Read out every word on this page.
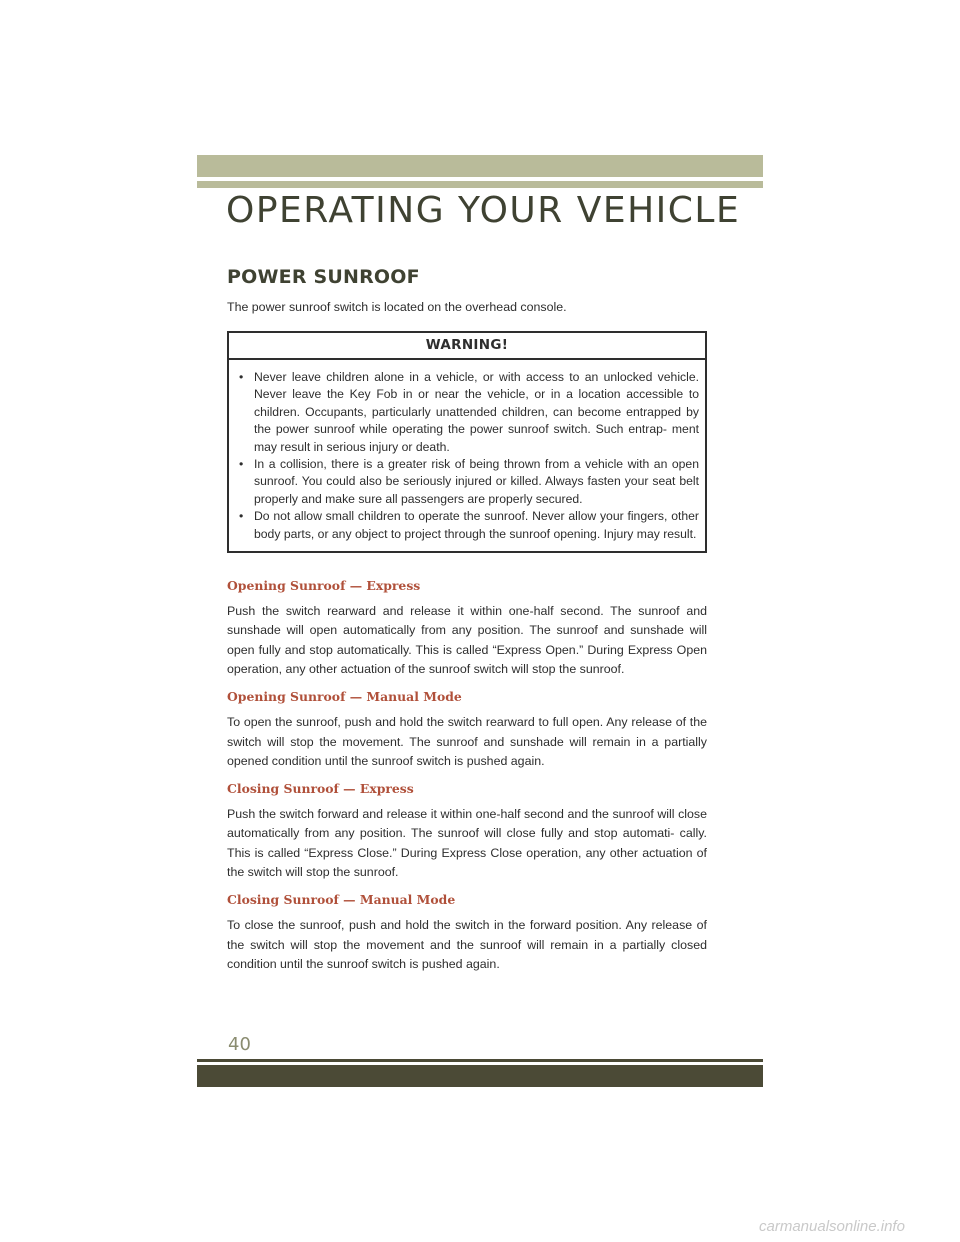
OPERATING YOUR VEHICLE
POWER SUNROOF

The power sunroof switch is located on the overhead console.

WARNING!
• Never leave children alone in a vehicle, or with access to an unlocked vehicle. Never leave the Key Fob in or near the vehicle, or in a location accessible to children. Occupants, particularly unattended children, can become entrapped by the power sunroof while operating the power sunroof switch. Such entrap- ment may result in serious injury or death.
• In a collision, there is a greater risk of being thrown from a vehicle with an open sunroof. You could also be seriously injured or killed. Always fasten your seat belt properly and make sure all passengers are properly secured.
• Do not allow small children to operate the sunroof. Never allow your fingers, other body parts, or any object to project through the sunroof opening. Injury may result.
Opening Sunroof — Express

Push the switch rearward and release it within one-half second. The sunroof and sunshade will open automatically from any position. The sunroof and sunshade will open fully and stop automatically. This is called “Express Open.” During Express Open operation, any other actuation of the sunroof switch will stop the sunroof.

Opening Sunroof — Manual Mode

To open the sunroof, push and hold the switch rearward to full open. Any release of the switch will stop the movement. The sunroof and sunshade will remain in a partially opened condition until the sunroof switch is pushed again.

Closing Sunroof — Express

Push the switch forward and release it within one-half second and the sunroof will close automatically from any position. The sunroof will close fully and stop automati- cally. This is called “Express Close.” During Express Close operation, any other actuation of the switch will stop the sunroof.

Closing Sunroof — Manual Mode

To close the sunroof, push and hold the switch in the forward position. Any release of the switch will stop the movement and the sunroof will remain in a partially closed condition until the sunroof switch is pushed again.

40
carmanualsonline.info
